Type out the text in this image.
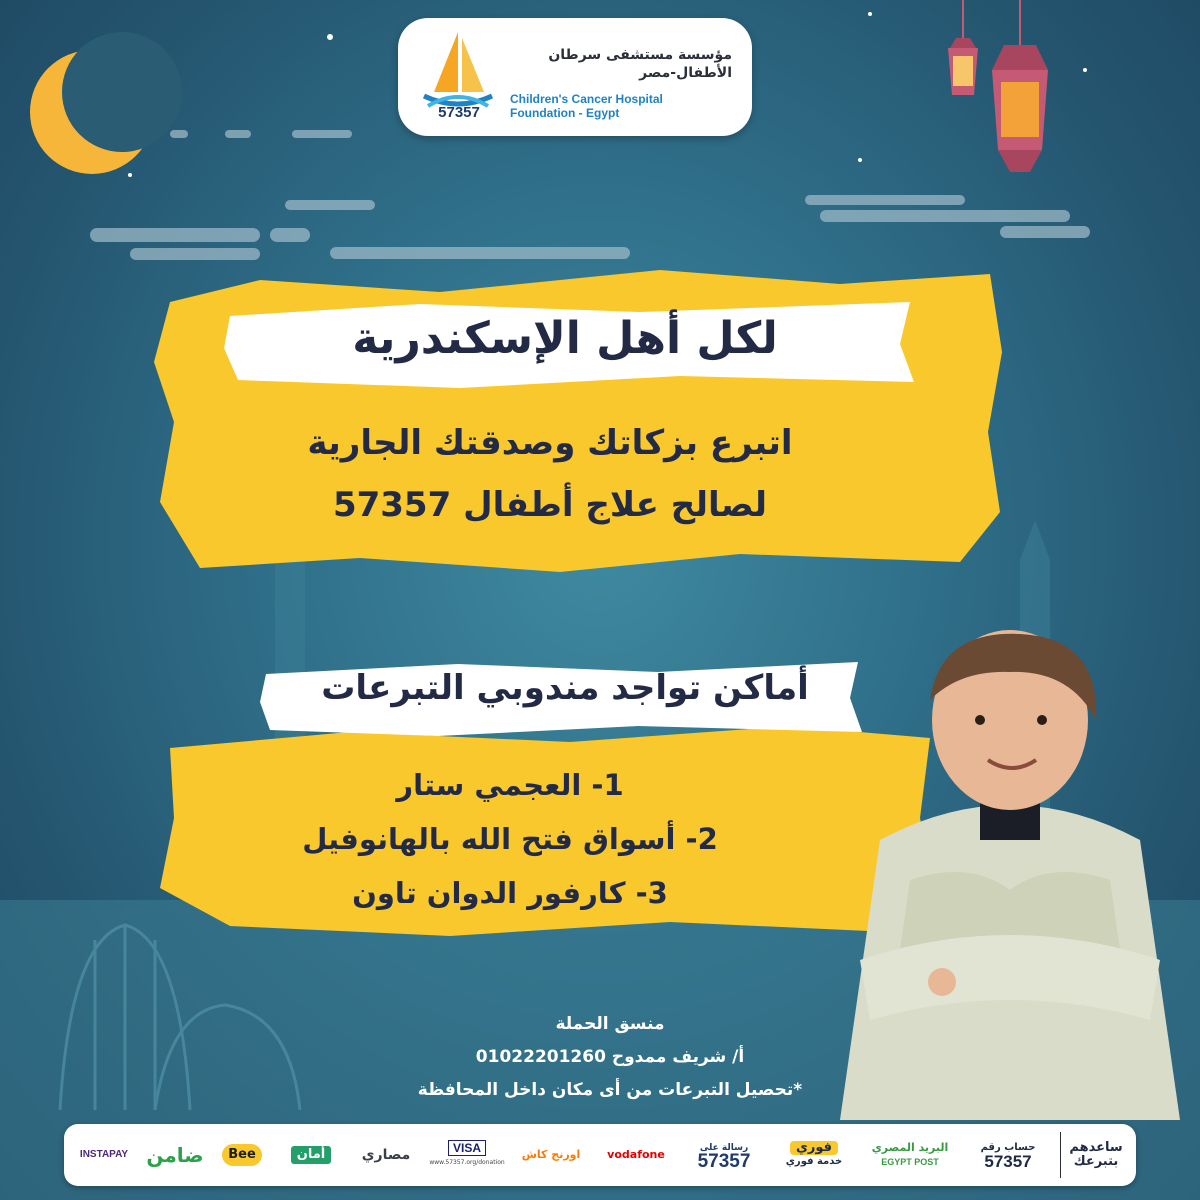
57357
مؤسسة مستشفى سرطان
الأطفال-مصر
Children's Cancer Hospital
Foundation - Egypt
لكل أهل الإسكندرية
اتبرع بزكاتك وصدقتك الجارية
لصالح علاج أطفال 57357
أماكن تواجد مندوبي التبرعات
1- العجمي ستار
2- أسواق فتح الله بالهانوفيل
3- كارفور الدوان تاون
منسق الحملة
أ/ شريف ممدوح 01022201260
*تحصيل التبرعات من أى مكان داخل المحافظة
ساعدهم
بتبرعك
حساب رقم
57357
البريد المصري
EGYPT POST
فوري
خدمة فوري
رسالة على
57357
vodafone
اورنج كاش
VISA
www.57357.org/donation
مصاري
أمان
Bee
ضامن
INSTAPAY
